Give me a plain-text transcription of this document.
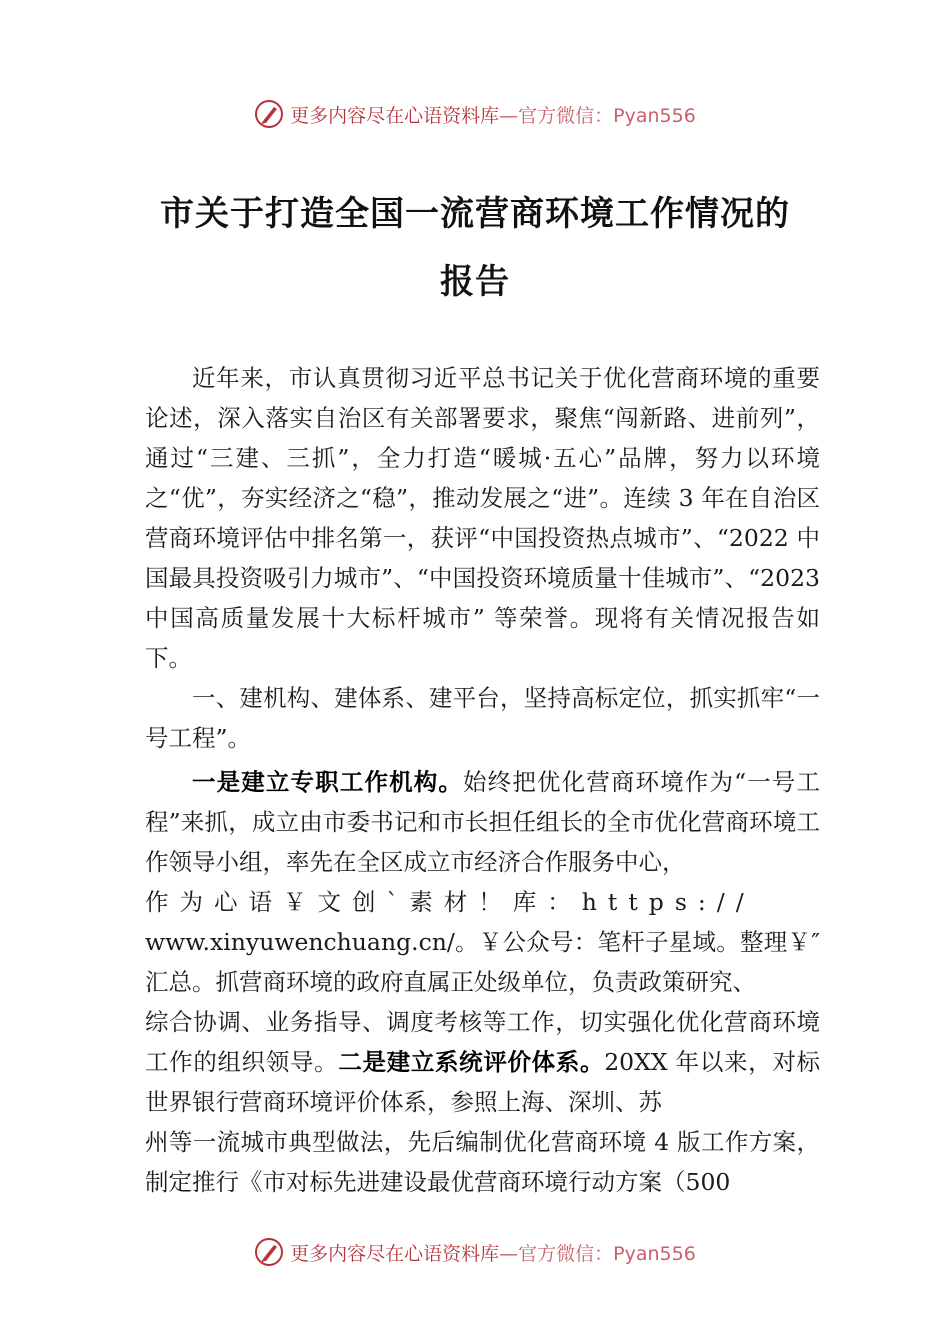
更多内容尽在心语资料库—官方微信：Pyan556
市关于打造全国一流营商环境工作情况的
报告

近年来，市认真贯彻习近平总书记关于优化营商环境的重要论述，深入落实自治区有关部署要求，聚焦“闯新路、进前列”，通过“三建、三抓”，全力打造“暖城·五心”品牌，努力以环境之“优”，夯实经济之“稳”，推动发展之“进”。连续 3 年在自治区营商环境评估中排名第一，获评“中国投资热点城市”、“2022 中国最具投资吸引力城市”、“中国投资环境质量十佳城市”、“2023 中国高质量发展十大标杆城市” 等荣誉。现将有关情况报告如下。

一、建机构、建体系、建平台，坚持高标定位，抓实抓牢“一号工程”。

一是建立专职工作机构。始终把优化营商环境作为“一号工程”来抓，成立由市委书记和市长担任组长的全市优化营商环境工作领导小组，率先在全区成立市经济合作服务中心，

作为心语￥文创`素材！库：https://

www.xinyuwenchuang.cn/。￥公众号：笔杆子星域。整理￥″汇总。抓营商环境的政府直属正处级单位，负责政策研究、

综合协调、业务指导、调度考核等工作，切实强化优化营商环境工作的组织领导。二是建立系统评价体系。20XX 年以来，对标世界银行营商环境评价体系，参照上海、深圳、苏

州等一流城市典型做法，先后编制优化营商环境 4 版工作方案，制定推行《市对标先进建设最优营商环境行动方案（500

更多内容尽在心语资料库—官方微信：Pyan556
